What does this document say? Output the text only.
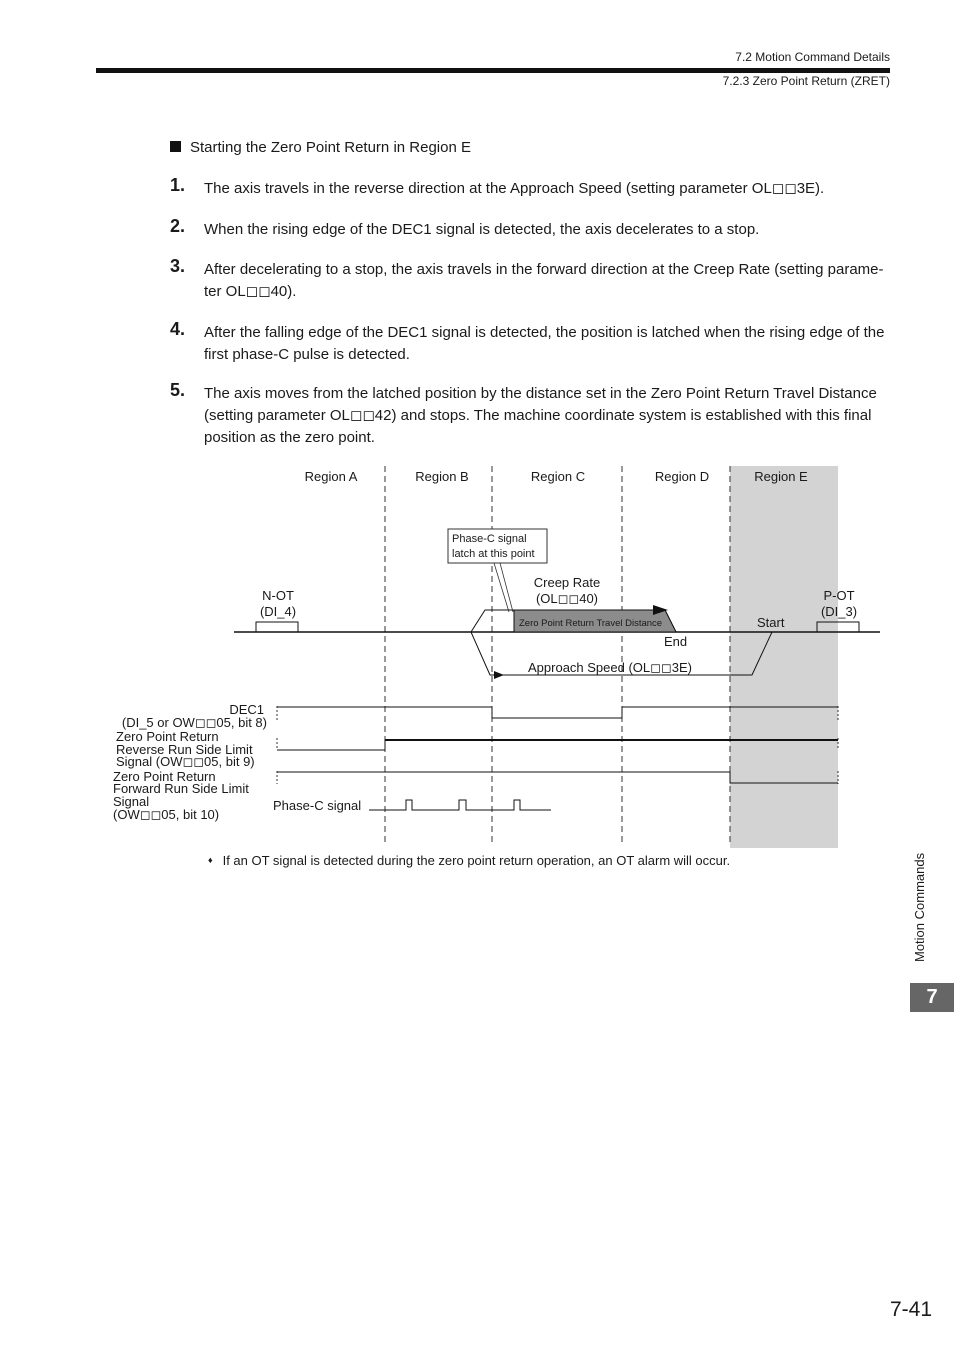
7.2 Motion Command Details
7.2.3 Zero Point Return (ZRET)
Starting the Zero Point Return in Region E
1. The axis travels in the reverse direction at the Approach Speed (setting parameter OL◻◻3E).
2. When the rising edge of the DEC1 signal is detected, the axis decelerates to a stop.
3. After decelerating to a stop, the axis travels in the forward direction at the Creep Rate (setting parame-ter OL◻◻40).
4. After the falling edge of the DEC1 signal is detected, the position is latched when the rising edge of the first phase-C pulse is detected.
5. The axis moves from the latched position by the distance set in the Zero Point Return Travel Distance (setting parameter OL◻◻42) and stops. The machine coordinate system is established with this final position as the zero point.
Region A	Region B	Region C	Region D	Region E
Phase-C signal
latch at this point
Creep Rate
(OL◻◻40)
N-OT
(DI_4)
P-OT
(DI_3)
Zero Point Return Travel Distance
End
Start
Approach Speed (OL◻◻3E)
DEC1
(DI_5 or OW◻◻05, bit 8)
Zero Point Return
Reverse Run Side Limit
Signal (OW◻◻05, bit 9)
Zero Point Return
Forward Run Side Limit
Signal
(OW◻◻05, bit 10)
Phase-C signal
♦ If an OT signal is detected during the zero point return operation, an OT alarm will occur.	Motion Commands
7
7-41
